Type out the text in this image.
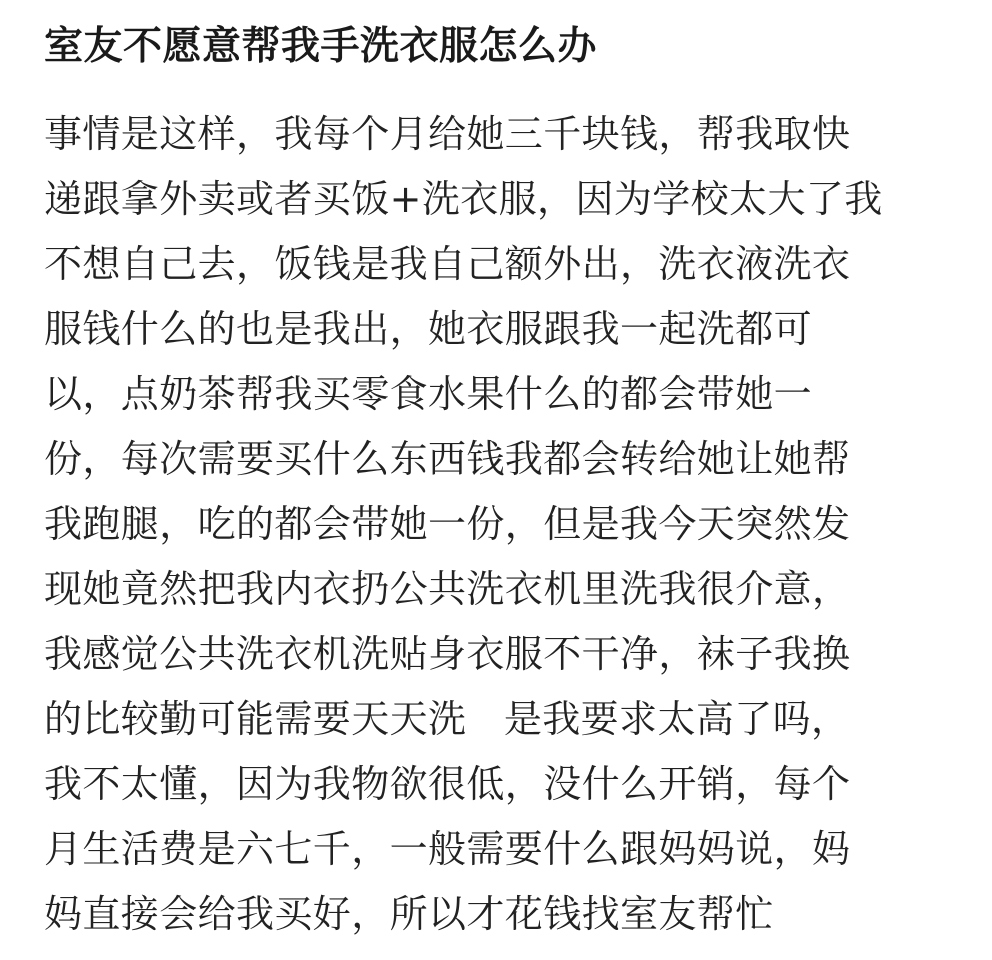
室友不愿意帮我手洗衣服怎么办
事情是这样，我每个月给她三千块钱，帮我取快
递跟拿外卖或者买饭+洗衣服，因为学校太大了我
不想自己去，饭钱是我自己额外出，洗衣液洗衣
服钱什么的也是我出，她衣服跟我一起洗都可
以，点奶茶帮我买零食水果什么的都会带她一
份，每次需要买什么东西钱我都会转给她让她帮
我跑腿，吃的都会带她一份，但是我今天突然发
现她竟然把我内衣扔公共洗衣机里洗我很介意，
我感觉公共洗衣机洗贴身衣服不干净，袜子我换
的比较勤可能需要天天洗   是我要求太高了吗，
我不太懂，因为我物欲很低，没什么开销，每个
月生活费是六七千，一般需要什么跟妈妈说，妈
妈直接会给我买好，所以才花钱找室友帮忙
